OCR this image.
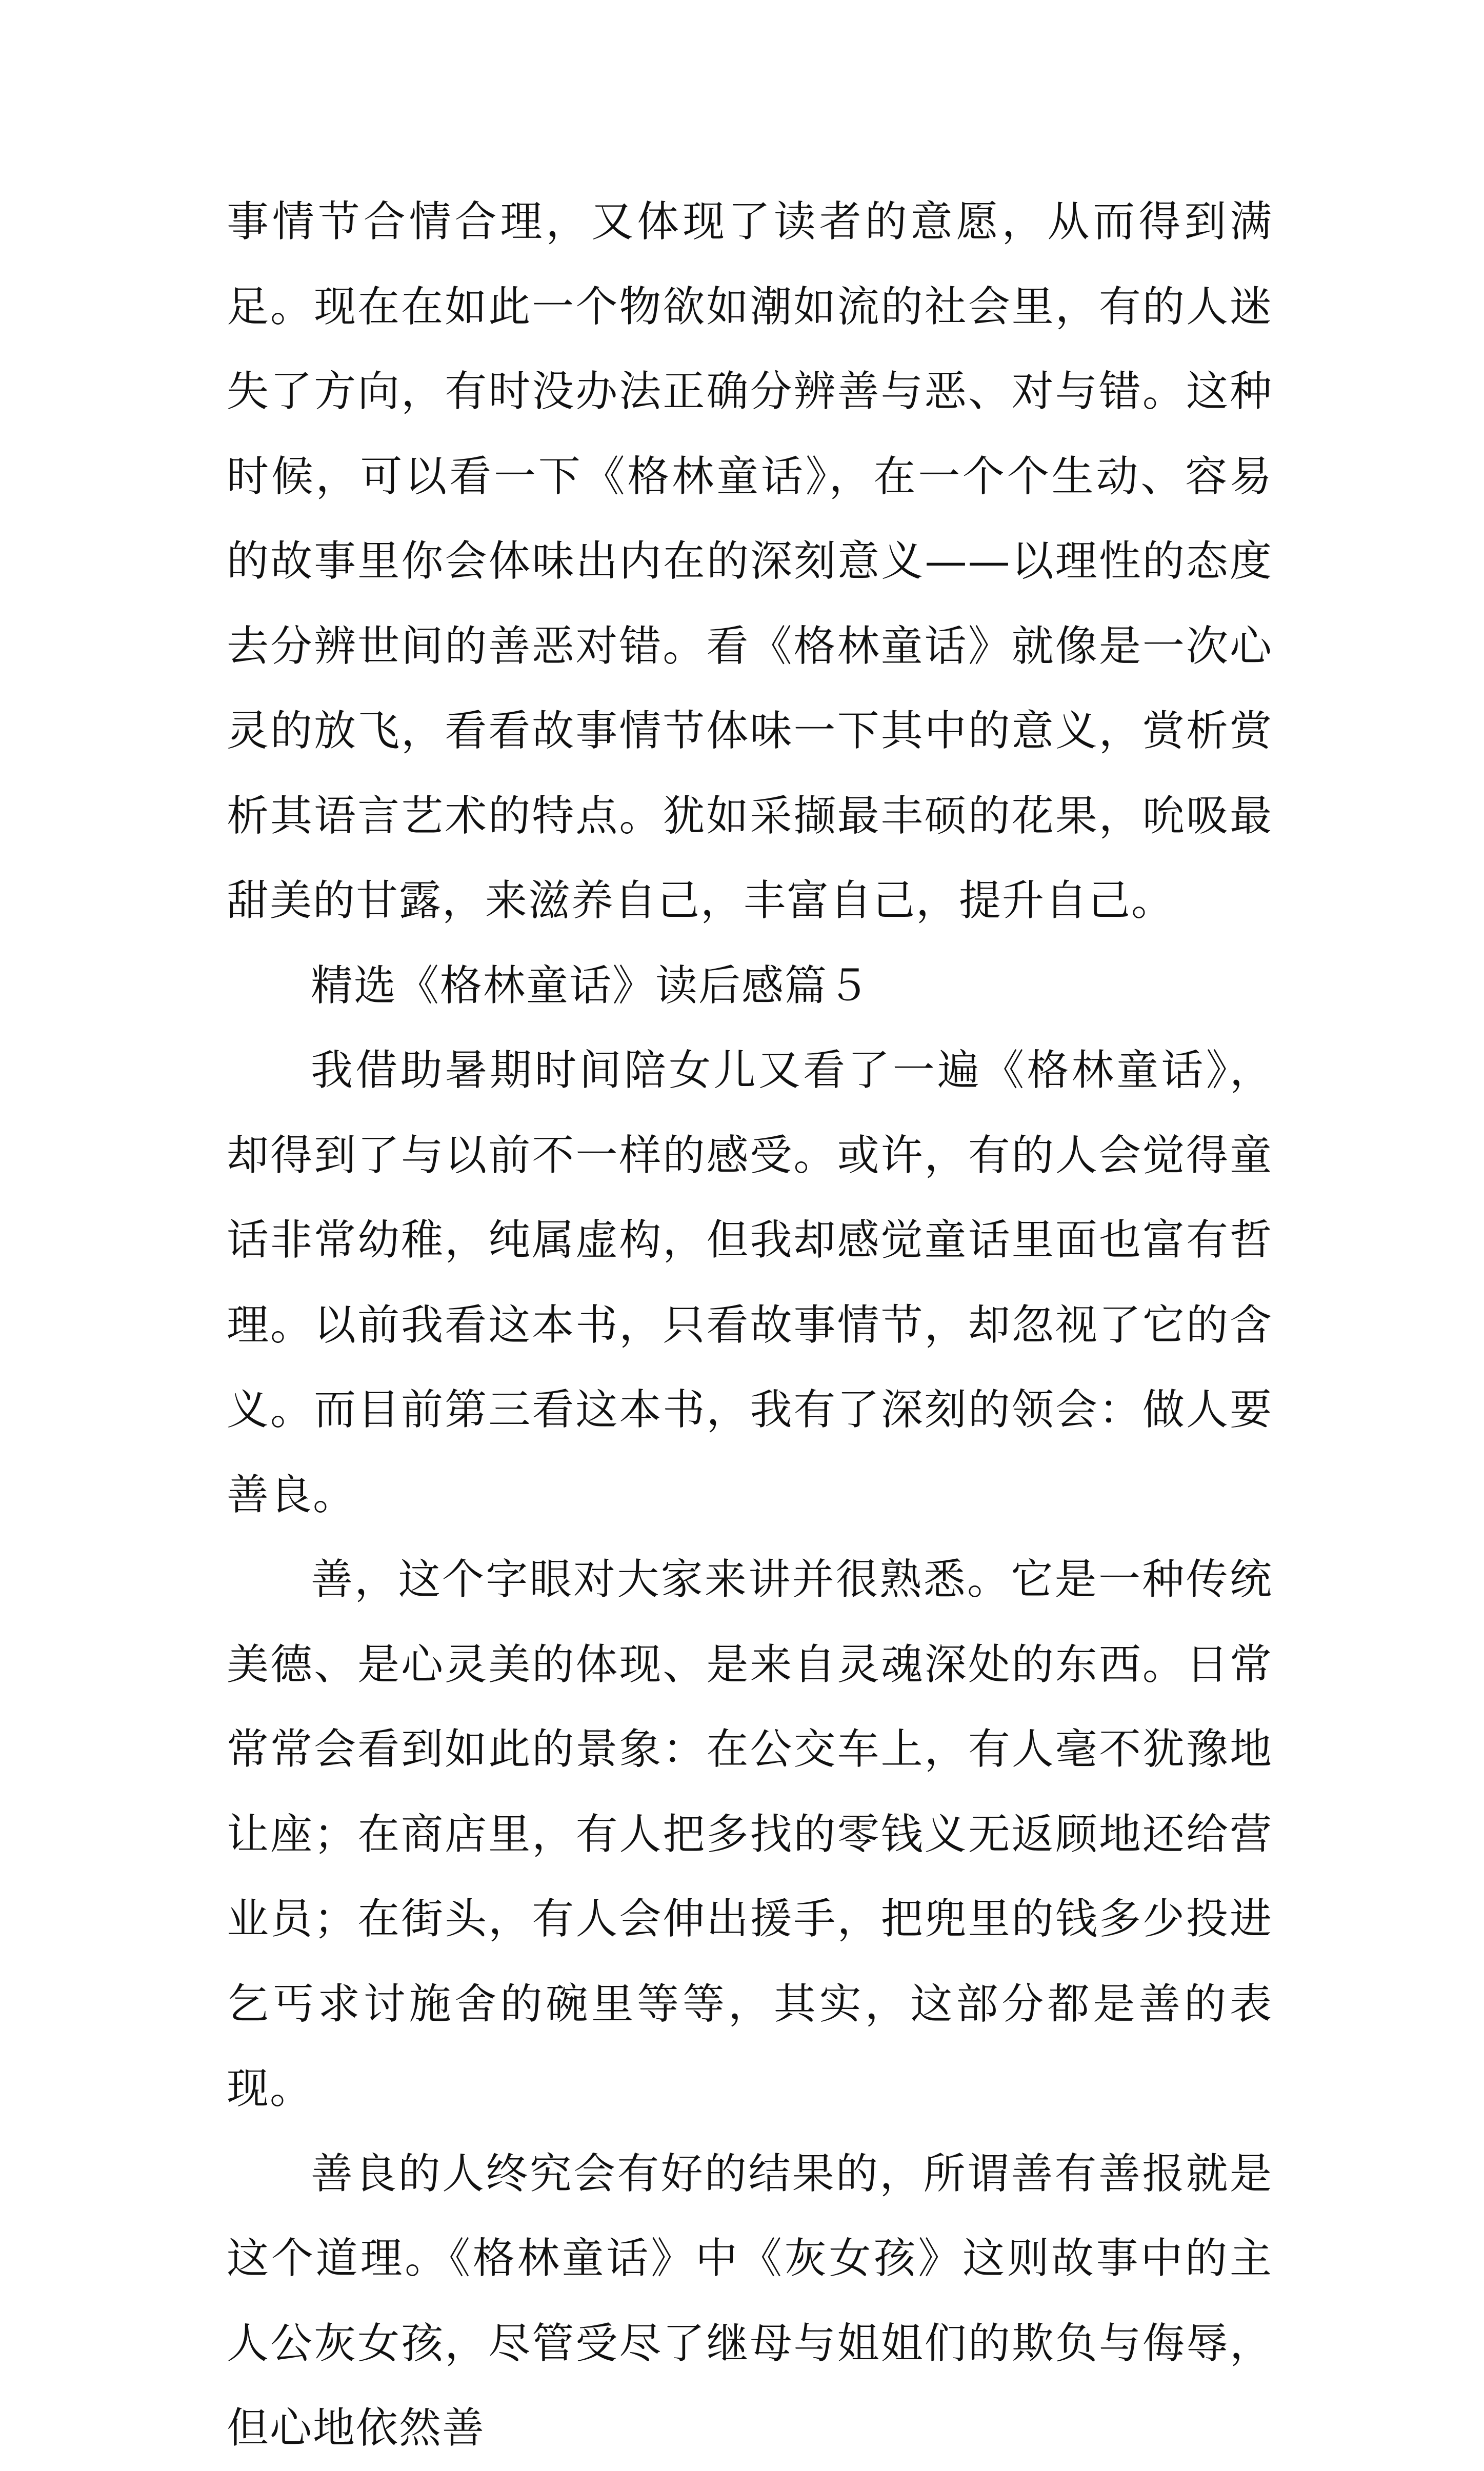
事情节合情合理，又体现了读者的意愿，从而得到满足。现在在如此一个物欲如潮如流的社会里，有的人迷失了方向，有时没办法正确分辨善与恶、对与错。这种时候，可以看一下《格林童话》，在一个个生动、容易的故事里你会体味出内在的深刻意义——以理性的态度去分辨世间的善恶对错。看《格林童话》就像是一次心灵的放飞，看看故事情节体味一下其中的意义，赏析赏析其语言艺术的特点。犹如采撷最丰硕的花果，吮吸最甜美的甘露，来滋养自己，丰富自己，提升自己。

精选《格林童话》读后感篇５

我借助暑期时间陪女儿又看了一遍《格林童话》，却得到了与以前不一样的感受。或许，有的人会觉得童话非常幼稚，纯属虚构，但我却感觉童话里面也富有哲理。以前我看这本书，只看故事情节，却忽视了它的含义。而目前第三看这本书，我有了深刻的领会：做人要善良。

善，这个字眼对大家来讲并很熟悉。它是一种传统美德、是心灵美的体现、是来自灵魂深处的东西。日常常常会看到如此的景象：在公交车上，有人毫不犹豫地让座；在商店里，有人把多找的零钱义无返顾地还给营业员；在街头，有人会伸出援手，把兜里的钱多少投进乞丐求讨施舍的碗里等等，其实，这部分都是善的表现。

善良的人终究会有好的结果的，所谓善有善报就是这个道理。《格林童话》中《灰女孩》这则故事中的主人公灰女孩，尽管受尽了继母与姐姐们的欺负与侮辱，但心地依然善
